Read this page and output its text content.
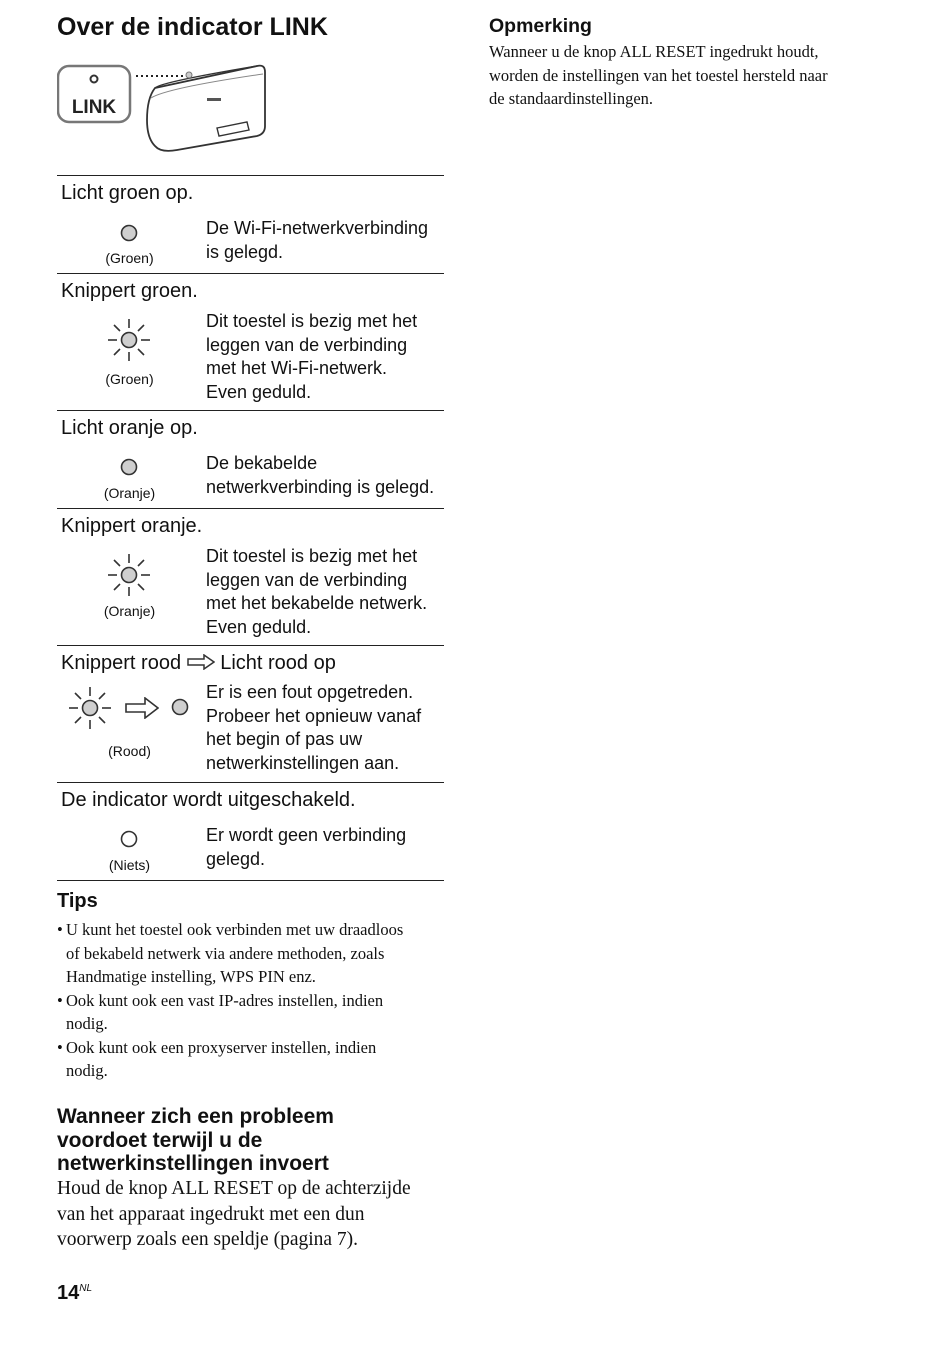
Over de indicator LINK
LINK
Licht groen op.
(Groen)
De Wi-Fi-netwerkverbinding
is gelegd.
Knippert groen.
(Groen)
Dit toestel is bezig met het
leggen van de verbinding
met het Wi-Fi-netwerk.
Even geduld.
Licht oranje op.
(Oranje)
De bekabelde
netwerkverbinding is gelegd.
Knippert oranje.
(Oranje)
Dit toestel is bezig met het
leggen van de verbinding
met het bekabelde netwerk.
Even geduld.
Knippert rood Licht rood op
(Rood)
Er is een fout opgetreden.
Probeer het opnieuw vanaf
het begin of pas uw
netwerkinstellingen aan.
De indicator wordt uitgeschakeld.
(Niets)
Er wordt geen verbinding
gelegd.
Tips
• U kunt het toestel ook verbinden met uw draadloos
of bekabeld netwerk via andere methoden, zoals
Handmatige instelling, WPS PIN enz.
• Ook kunt ook een vast IP-adres instellen, indien
nodig.
• Ook kunt ook een proxyserver instellen, indien
nodig.
Wanneer zich een probleem
voordoet terwijl u de
netwerkinstellingen invoert
Houd de knop ALL RESET op de achterzijde
van het apparaat ingedrukt met een dun
voorwerp zoals een speldje (pagina 7).
$14^{NL}$
Opmerking
Wanneer u de knop ALL RESET ingedrukt houdt,
worden de instellingen van het toestel hersteld naar
de standaardinstellingen.
